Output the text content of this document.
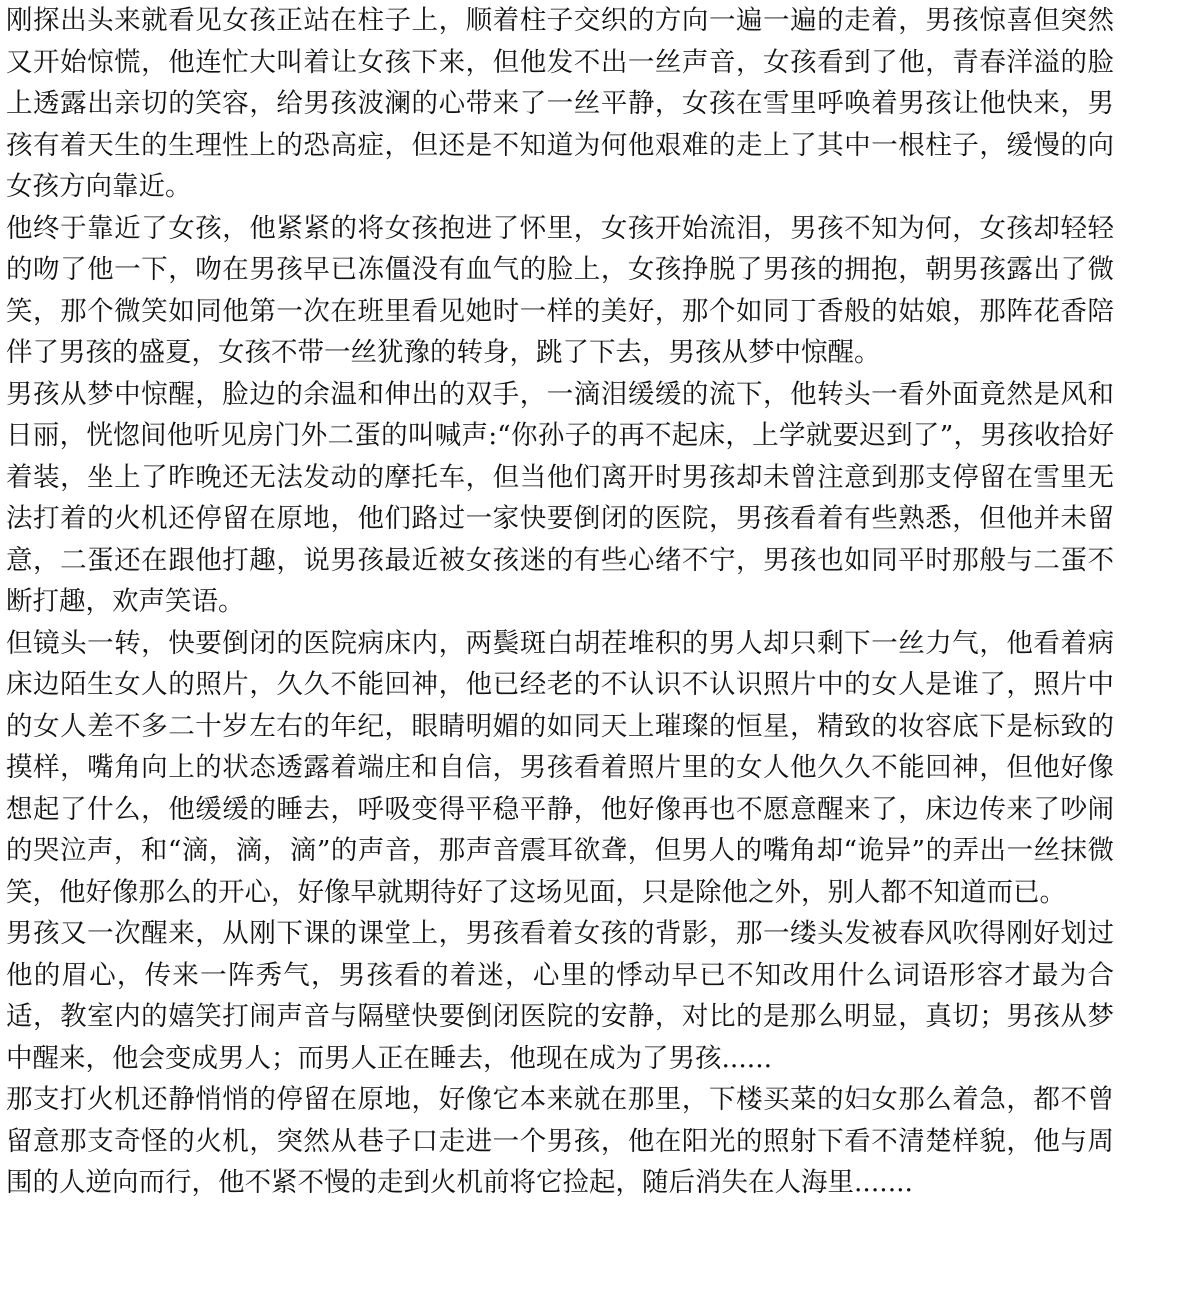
刚探出头来就看见女孩正站在柱子上，顺着柱子交织的方向一遍一遍的走着，男孩惊喜但突然又开始惊慌，他连忙大叫着让女孩下来，但他发不出一丝声音，女孩看到了他，青春洋溢的脸上透露出亲切的笑容，给男孩波澜的心带来了一丝平静，女孩在雪里呼唤着男孩让他快来，男孩有着天生的生理性上的恐高症，但还是不知道为何他艰难的走上了其中一根柱子，缓慢的向女孩方向靠近。

他终于靠近了女孩，他紧紧的将女孩抱进了怀里，女孩开始流泪，男孩不知为何，女孩却轻轻的吻了他一下，吻在男孩早已冻僵没有血气的脸上，女孩挣脱了男孩的拥抱，朝男孩露出了微笑，那个微笑如同他第一次在班里看见她时一样的美好，那个如同丁香般的姑娘，那阵花香陪伴了男孩的盛夏，女孩不带一丝犹豫的转身，跳了下去，男孩从梦中惊醒。

男孩从梦中惊醒，脸边的余温和伸出的双手，一滴泪缓缓的流下，他转头一看外面竟然是风和日丽，恍惚间他听见房门外二蛋的叫喊声:“你孙子的再不起床，上学就要迟到了”，男孩收拾好着装，坐上了昨晚还无法发动的摩托车，但当他们离开时男孩却未曾注意到那支停留在雪里无法打着的火机还停留在原地，他们路过一家快要倒闭的医院，男孩看着有些熟悉，但他并未留意，二蛋还在跟他打趣，说男孩最近被女孩迷的有些心绪不宁，男孩也如同平时那般与二蛋不断打趣，欢声笑语。

但镜头一转，快要倒闭的医院病床内，两鬓斑白胡茬堆积的男人却只剩下一丝力气，他看着病床边陌生女人的照片，久久不能回神，他已经老的不认识不认识照片中的女人是谁了，照片中的女人差不多二十岁左右的年纪，眼睛明媚的如同天上璀璨的恒星，精致的妆容底下是标致的摸样，嘴角向上的状态透露着端庄和自信，男孩看着照片里的女人他久久不能回神，但他好像想起了什么，他缓缓的睡去，呼吸变得平稳平静，他好像再也不愿意醒来了，床边传来了吵闹的哭泣声，和“滴，滴，滴”的声音，那声音震耳欲聋，但男人的嘴角却“诡异”的弄出一丝抹微笑，他好像那么的开心，好像早就期待好了这场见面，只是除他之外，别人都不知道而已。

男孩又一次醒来，从刚下课的课堂上，男孩看着女孩的背影，那一缕头发被春风吹得刚好划过他的眉心，传来一阵秀气，男孩看的着迷，心里的悸动早已不知改用什么词语形容才最为合适，教室内的嬉笑打闹声音与隔壁快要倒闭医院的安静，对比的是那么明显，真切；男孩从梦中醒来，他会变成男人；而男人正在睡去，他现在成为了男孩......

那支打火机还静悄悄的停留在原地，好像它本来就在那里，下楼买菜的妇女那么着急，都不曾留意那支奇怪的火机，突然从巷子口走进一个男孩，他在阳光的照射下看不清楚样貌，他与周围的人逆向而行，他不紧不慢的走到火机前将它捡起，随后消失在人海里.......
